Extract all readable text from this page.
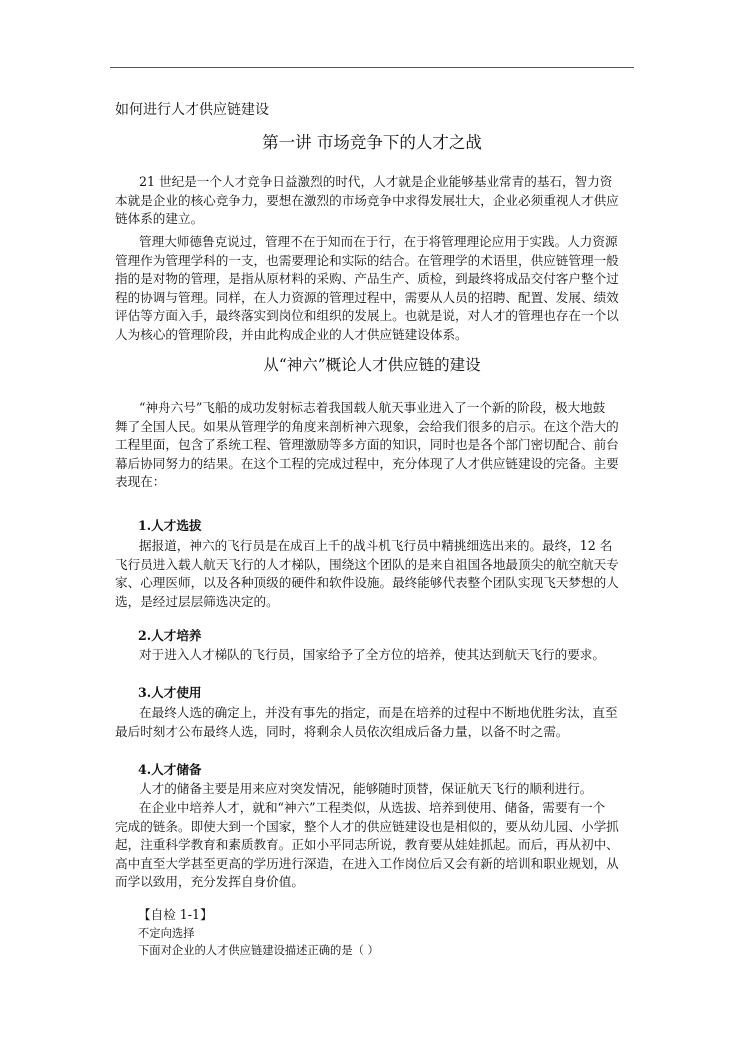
如何进行人才供应链建设
第一讲 市场竞争下的人才之战

21 世纪是一个人才竞争日益激烈的时代，人才就是企业能够基业常青的基石，智力资
本就是企业的核心竞争力，要想在激烈的市场竞争中求得发展壮大，企业必须重视人才供应
链体系的建立。

管理大师德鲁克说过，管理不在于知而在于行，在于将管理理论应用于实践。人力资源
管理作为管理学科的一支，也需要理论和实际的结合。在管理学的术语里，供应链管理一般
指的是对物的管理，是指从原材料的采购、产品生产、质检，到最终将成品交付客户整个过
程的协调与管理。同样，在人力资源的管理过程中，需要从人员的招聘、配置、发展、绩效
评估等方面入手，最终落实到岗位和组织的发展上。也就是说，对人才的管理也存在一个以
人为核心的管理阶段，并由此构成企业的人才供应链建设体系。

从“神六”概论人才供应链的建设

“神舟六号”飞船的成功发射标志着我国载人航天事业进入了一个新的阶段，极大地鼓
舞了全国人民。如果从管理学的角度来剖析神六现象，会给我们很多的启示。在这个浩大的
工程里面，包含了系统工程、管理激励等多方面的知识，同时也是各个部门密切配合、前台
幕后协同努力的结果。在这个工程的完成过程中，充分体现了人才供应链建设的完备。主要
表现在：

1.人才选拔

据报道，神六的飞行员是在成百上千的战斗机飞行员中精挑细选出来的。最终，12 名
飞行员进入载人航天飞行的人才梯队，围绕这个团队的是来自祖国各地最顶尖的航空航天专
家、心理医师，以及各种顶级的硬件和软件设施。最终能够代表整个团队实现飞天梦想的人
选，是经过层层筛选决定的。

2.人才培养

对于进入人才梯队的飞行员，国家给予了全方位的培养，使其达到航天飞行的要求。

3.人才使用

在最终人选的确定上，并没有事先的指定，而是在培养的过程中不断地优胜劣汰，直至
最后时刻才公布最终人选，同时，将剩余人员依次组成后备力量，以备不时之需。

4.人才储备

人才的储备主要是用来应对突发情况，能够随时顶替，保证航天飞行的顺利进行。

在企业中培养人才，就和“神六”工程类似，从选拔、培养到使用、储备，需要有一个
完成的链条。即使大到一个国家，整个人才的供应链建设也是相似的，要从幼儿园、小学抓
起，注重科学教育和素质教育。正如小平同志所说，教育要从娃娃抓起。而后，再从初中、
高中直至大学甚至更高的学历进行深造，在进入工作岗位后又会有新的培训和职业规划，从
而学以致用，充分发挥自身价值。

【自检 1-1】
不定向选择
下面对企业的人才供应链建设描述正确的是（ ）
